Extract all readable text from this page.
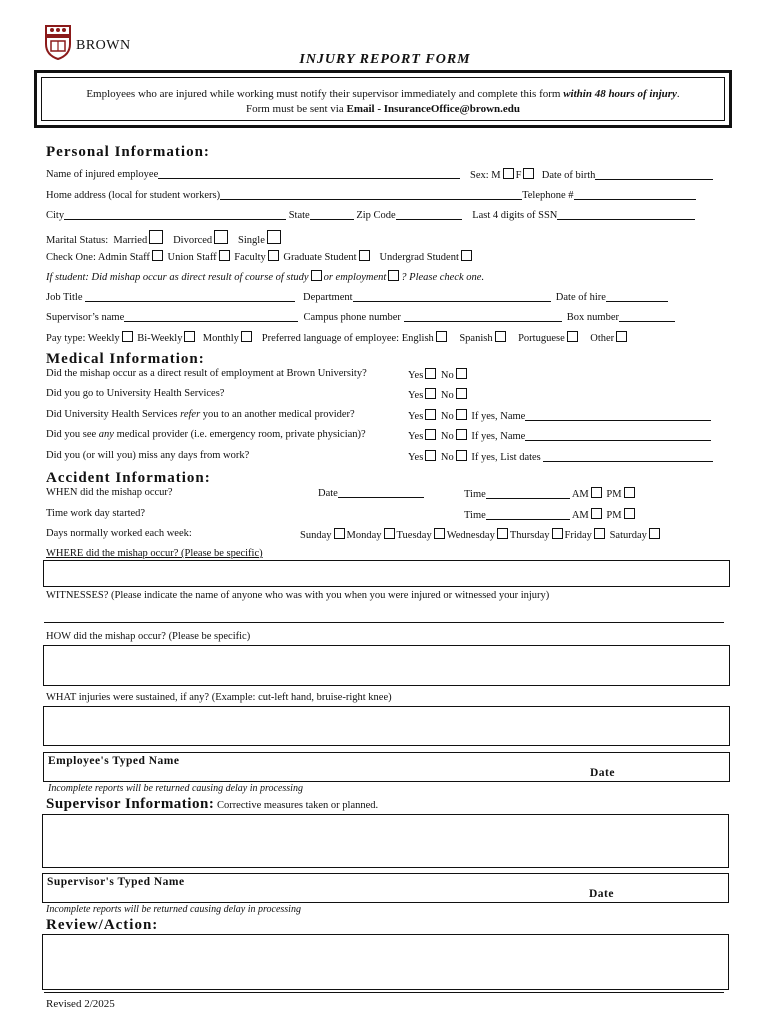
BROWN
INJURY REPORT FORM
Employees who are injured while working must notify their supervisor immediately and complete this form within 48 hours of injury.
Form must be sent via Email - InsuranceOffice@brown.edu
Personal Information:
Name of injured employee	Sex: M F Date of birth
Home address (local for student workers)	Telephone #
City	State	Zip Code	Last 4 digits of SSN
Marital Status: Married Divorced Single
Check One: Admin Staff Union Staff Faculty Graduate Student Undergrad Student
If student: Did mishap occur as direct result of course of study or employment ? Please check one.
Job Title	Department	Date of hire
Supervisor’s name	Campus phone number	Box number
Pay type: Weekly Bi-Weekly Monthly Preferred language of employee: English Spanish Portuguese Other
Medical Information:
Did the mishap occur as a direct result of employment at Brown University?	Yes No
Did you go to University Health Services?	Yes No
Did University Health Services refer you to an another medical provider?	Yes No If yes, Name
Did you see any medical provider (i.e. emergency room, private physician)?	Yes No If yes, Name
Did you (or will you) miss any days from work?	Yes No If yes, List dates
Accident Information:
WHEN did the mishap occur?	Date	Time	AM PM
Time work day started?	Time	AM PM
Days normally worked each week:	Sunday Monday Tuesday Wednesday Thursday Friday Saturday
WHERE did the mishap occur? (Please be specific)
WITNESSES? (Please indicate the name of anyone who was with you when you were injured or witnessed your injury)
HOW did the mishap occur? (Please be specific)
WHAT injuries were sustained, if any? (Example: cut-left hand, bruise-right knee)
Employee's Typed Name
Date
Incomplete reports will be returned causing delay in processing
Supervisor Information: Corrective measures taken or planned.
Supervisor's Typed Name
Date
Incomplete reports will be returned causing delay in processing
Review/Action:
Revised 2/2025
